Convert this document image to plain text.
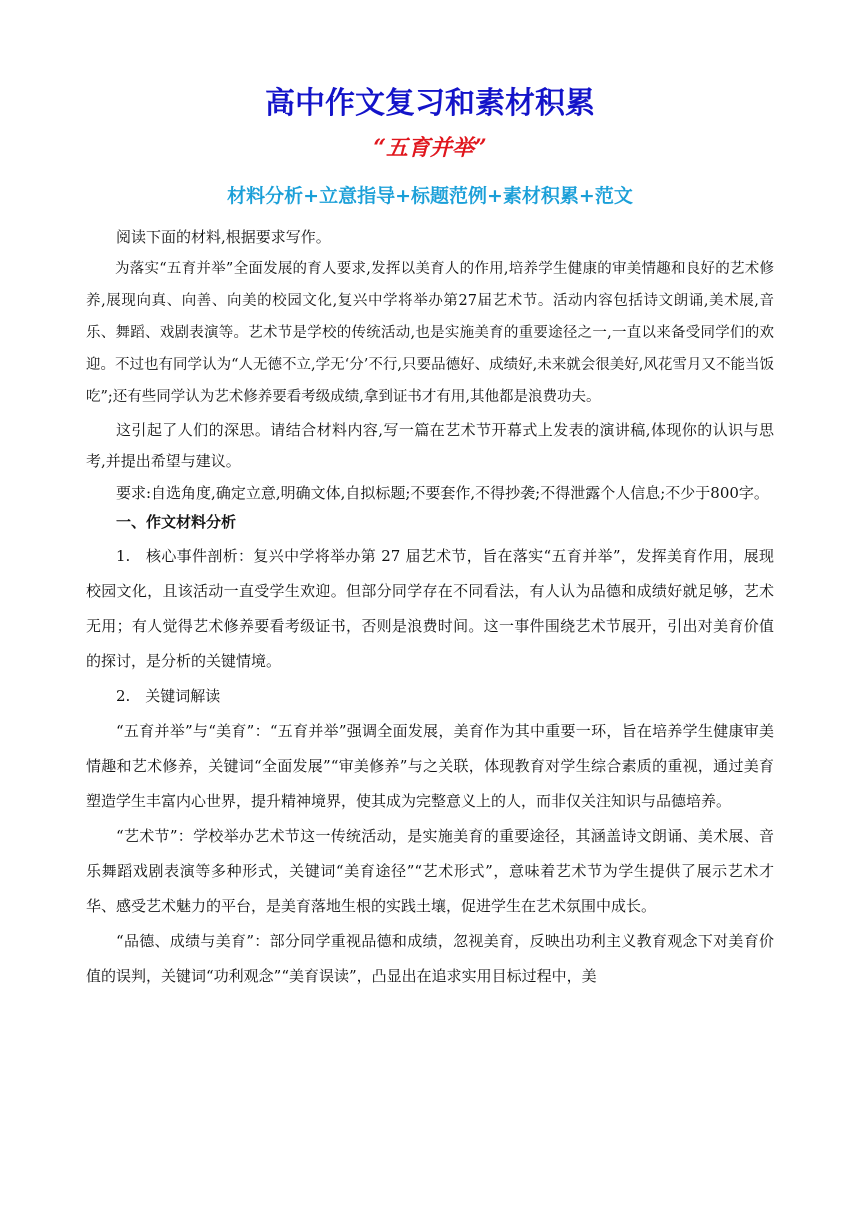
高中作文复习和素材积累
“五育并举”
材料分析+立意指导+标题范例+素材积累+范文

阅读下面的材料,根据要求写作。

为落实“五育并举”全面发展的育人要求,发挥以美育人的作用,培养学生健康的审美情趣和良好的艺术修养,展现向真、向善、向美的校园文化,复兴中学将举办第27届艺术节。活动内容包括诗文朗诵,美术展,音乐、舞蹈、戏剧表演等。艺术节是学校的传统活动,也是实施美育的重要途径之一,一直以来备受同学们的欢迎。不过也有同学认为“人无德不立,学无‘分’不行,只要品德好、成绩好,未来就会很美好,风花雪月又不能当饭吃”;还有些同学认为艺术修养要看考级成绩,拿到证书才有用,其他都是浪费功夫。

这引起了人们的深思。请结合材料内容,写一篇在艺术节开幕式上发表的演讲稿,体现你的认识与思考,并提出希望与建议。

要求:自选角度,确定立意,明确文体,自拟标题;不要套作,不得抄袭;不得泄露个人信息;不少于800字。

一、作文材料分析

1.　核心事件剖析：复兴中学将举办第 27 届艺术节，旨在落实“五育并举”，发挥美育作用，展现校园文化，且该活动一直受学生欢迎。但部分同学存在不同看法，有人认为品德和成绩好就足够，艺术无用；有人觉得艺术修养要看考级证书，否则是浪费时间。这一事件围绕艺术节展开，引出对美育价值的探讨，是分析的关键情境。

2.　关键词解读

“五育并举”与“美育”：“五育并举”强调全面发展，美育作为其中重要一环，旨在培养学生健康审美情趣和艺术修养，关键词“全面发展”“审美修养”与之关联，体现教育对学生综合素质的重视，通过美育塑造学生丰富内心世界，提升精神境界，使其成为完整意义上的人，而非仅关注知识与品德培养。

“艺术节”：学校举办艺术节这一传统活动，是实施美育的重要途径，其涵盖诗文朗诵、美术展、音乐舞蹈戏剧表演等多种形式，关键词“美育途径”“艺术形式”，意味着艺术节为学生提供了展示艺术才华、感受艺术魅力的平台，是美育落地生根的实践土壤，促进学生在艺术氛围中成长。

“品德、成绩与美育”：部分同学重视品德和成绩，忽视美育，反映出功利主义教育观念下对美育价值的误判，关键词“功利观念”“美育误读”，凸显出在追求实用目标过程中，美
